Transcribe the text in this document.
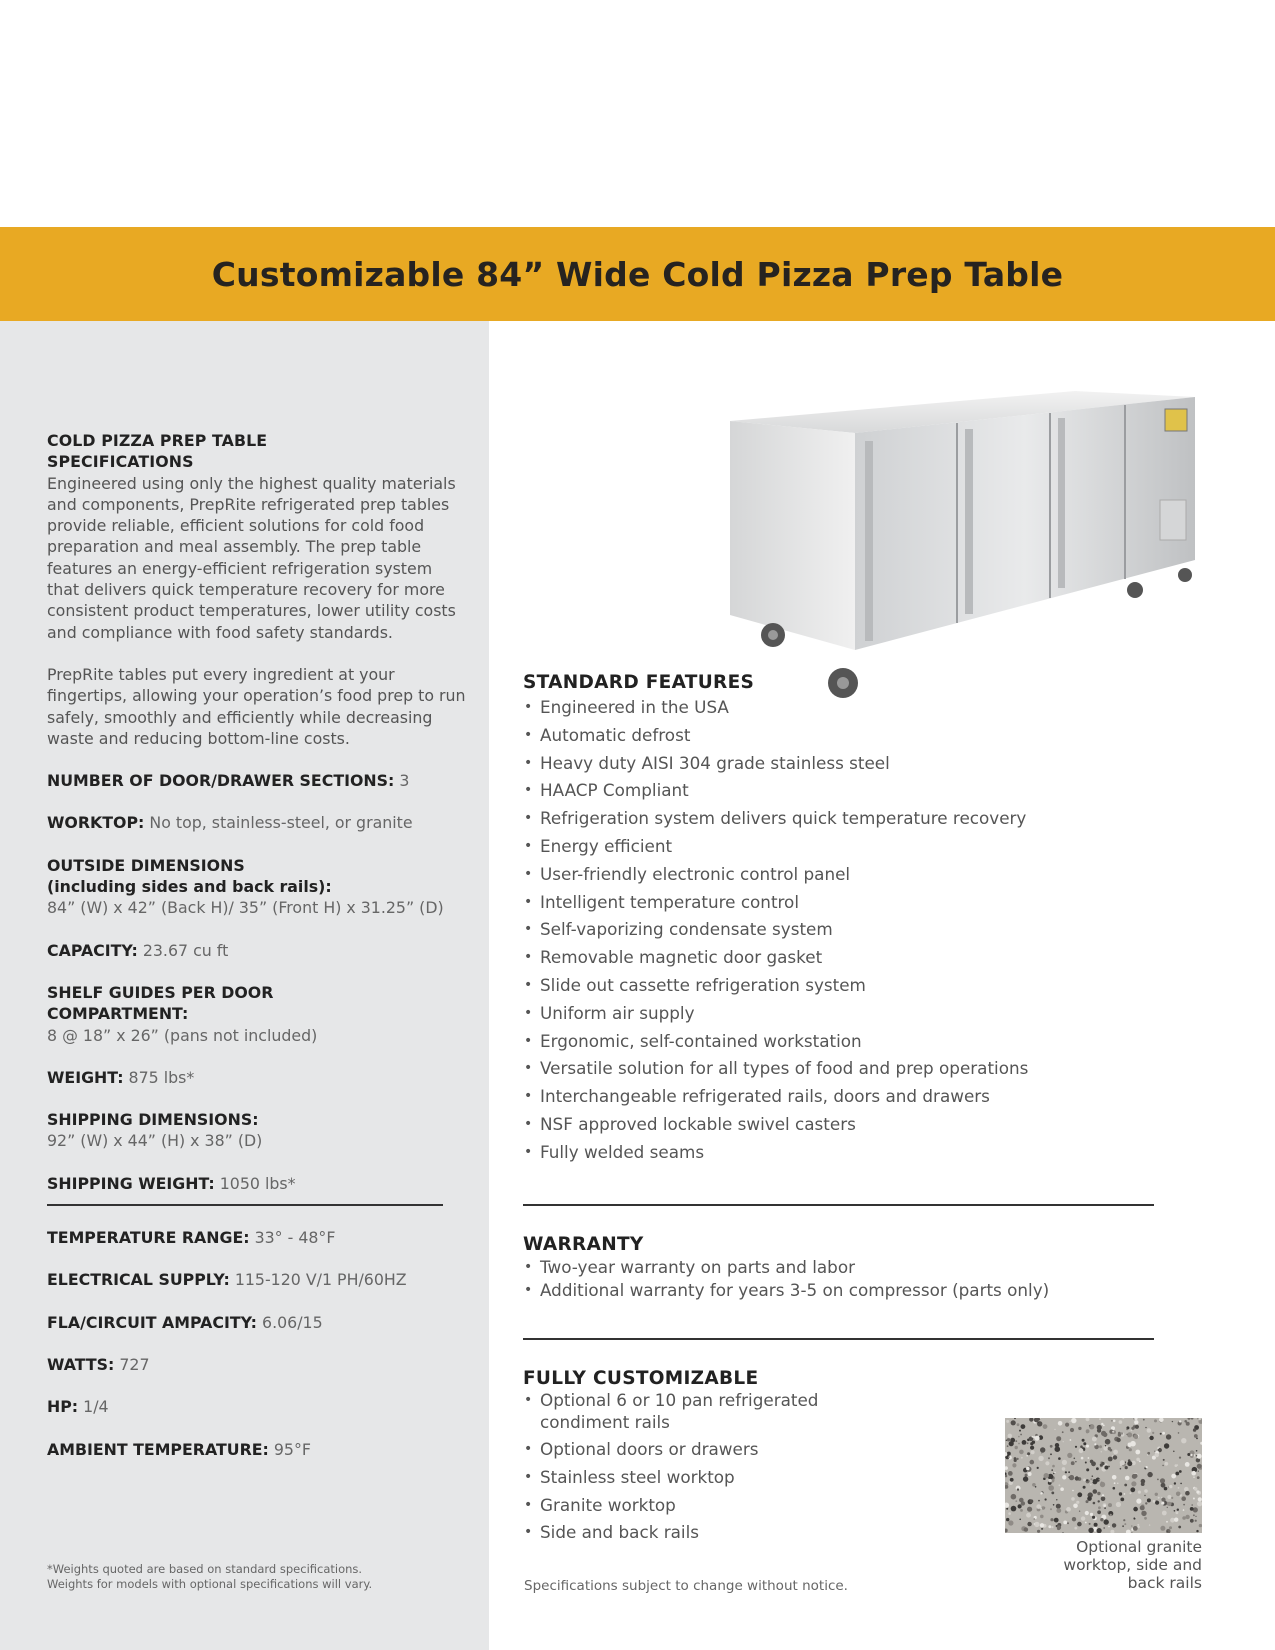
Customizable 84” Wide Cold Pizza Prep Table
COLD PIZZA PREP TABLE
SPECIFICATIONS
Engineered using only the highest quality materials and components, PrepRite refrigerated prep tables provide reliable, efficient solutions for cold food preparation and meal assembly. The prep table features an energy-efficient refrigeration system that delivers quick temperature recovery for more consistent product temperatures, lower utility costs and compliance with food safety standards.
PrepRite tables put every ingredient at your fingertips, allowing your operation’s food prep to run safely, smoothly and efficiently while decreasing waste and reducing bottom-line costs.
NUMBER OF DOOR/DRAWER SECTIONS: 3
WORKTOP: No top, stainless-steel, or granite
OUTSIDE DIMENSIONS
(including sides and back rails):
84” (W) x 42” (Back H)/ 35” (Front H) x 31.25” (D)
CAPACITY: 23.67 cu ft
SHELF GUIDES PER DOOR
COMPARTMENT:
8 @ 18” x 26” (pans not included)
WEIGHT: 875 lbs*
SHIPPING DIMENSIONS:
92” (W) x 44” (H) x 38” (D)
SHIPPING WEIGHT: 1050 lbs*
TEMPERATURE RANGE: 33° - 48°F
ELECTRICAL SUPPLY: 115-120 V/1 PH/60HZ
FLA/CIRCUIT AMPACITY: 6.06/15
WATTS: 727
HP: 1/4
AMBIENT TEMPERATURE: 95°F
*Weights quoted are based on standard specifications.
Weights for models with optional specifications will vary.
STANDARD FEATURES
• Engineered in the USA
• Automatic defrost
• Heavy duty AISI 304 grade stainless steel
• HAACP Compliant
• Refrigeration system delivers quick temperature recovery
• Energy efficient
• User-friendly electronic control panel
• Intelligent temperature control
• Self-vaporizing condensate system
• Removable magnetic door gasket
• Slide out cassette refrigeration system
• Uniform air supply
• Ergonomic, self-contained workstation
• Versatile solution for all types of food and prep operations
• Interchangeable refrigerated rails, doors and drawers
• NSF approved lockable swivel casters
• Fully welded seams
WARRANTY
• Two-year warranty on parts and labor
• Additional warranty for years 3-5 on compressor (parts only)
FULLY CUSTOMIZABLE
• Optional 6 or 10 pan refrigerated
condiment rails
• Optional doors or drawers
• Stainless steel worktop
• Granite worktop
• Side and back rails
Optional granite
worktop, side and
back rails
Specifications subject to change without notice.
